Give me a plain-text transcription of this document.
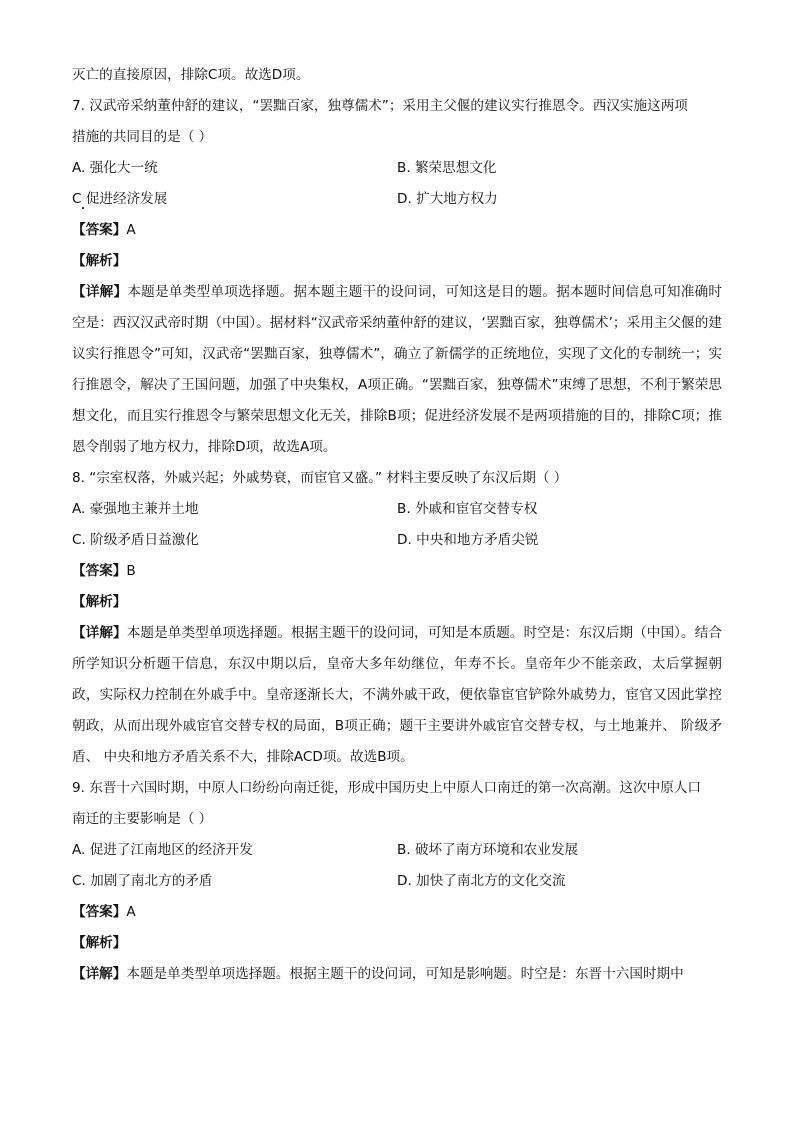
灭亡的直接原因，排除C项。故选D项。
7. 汉武帝采纳董仲舒的建议，“罢黜百家，独尊儒术”；采用主父偃的建议实行推恩令。西汉实施这两项
措施的共同目的是（ ）
A. 强化大一统	B. 繁荣思想文化
C 促进经济发展	D. 扩大地方权力
【答案】A
【解析】
【详解】本题是单类型单项选择题。据本题主题干的设问词，可知这是目的题。据本题时间信息可知准确时空是：西汉汉武帝时期（中国）。据材料“汉武帝采纳董仲舒的建议，‘罢黜百家，独尊儒术’；采用主父偃的建议实行推恩令”可知，汉武帝“罢黜百家，独尊儒术”，确立了新儒学的正统地位，实现了文化的专制统一；实行推恩令，解决了王国问题，加强了中央集权，A项正确。“罢黜百家，独尊儒术”束缚了思想，不利于繁荣思想文化，而且实行推恩令与繁荣思想文化无关，排除B项；促进经济发展不是两项措施的目的，排除C项；推恩令削弱了地方权力，排除D项，故选A项。
8. “宗室权落，外戚兴起；外戚势衰，而宦官又盛。” 材料主要反映了东汉后期（ ）
A. 豪强地主兼并土地	B. 外戚和宦官交替专权
C. 阶级矛盾日益激化	D. 中央和地方矛盾尖锐
【答案】B
【解析】
【详解】本题是单类型单项选择题。根据主题干的设问词，可知是本质题。时空是：东汉后期（中国）。结合所学知识分析题干信息，东汉中期以后，皇帝大多年幼继位，年寿不长。皇帝年少不能亲政，太后掌握朝政，实际权力控制在外戚手中。皇帝逐渐长大，不满外戚干政，便依靠宦官铲除外戚势力，宦官又因此掌控朝政，从而出现外戚宦官交替专权的局面，B项正确；题干主要讲外戚宦官交替专权，与土地兼并、 阶级矛盾、 中央和地方矛盾关系不大，排除ACD项。故选B项。
9. 东晋十六国时期，中原人口纷纷向南迁徙，形成中国历史上中原人口南迁的第一次高潮。这次中原人口
南迁的主要影响是（ ）
A. 促进了江南地区的经济开发	B. 破坏了南方环境和农业发展
C. 加剧了南北方的矛盾	D. 加快了南北方的文化交流
【答案】A
【解析】
【详解】本题是单类型单项选择题。根据主题干的设问词，可知是影响题。时空是：东晋十六国时期中
